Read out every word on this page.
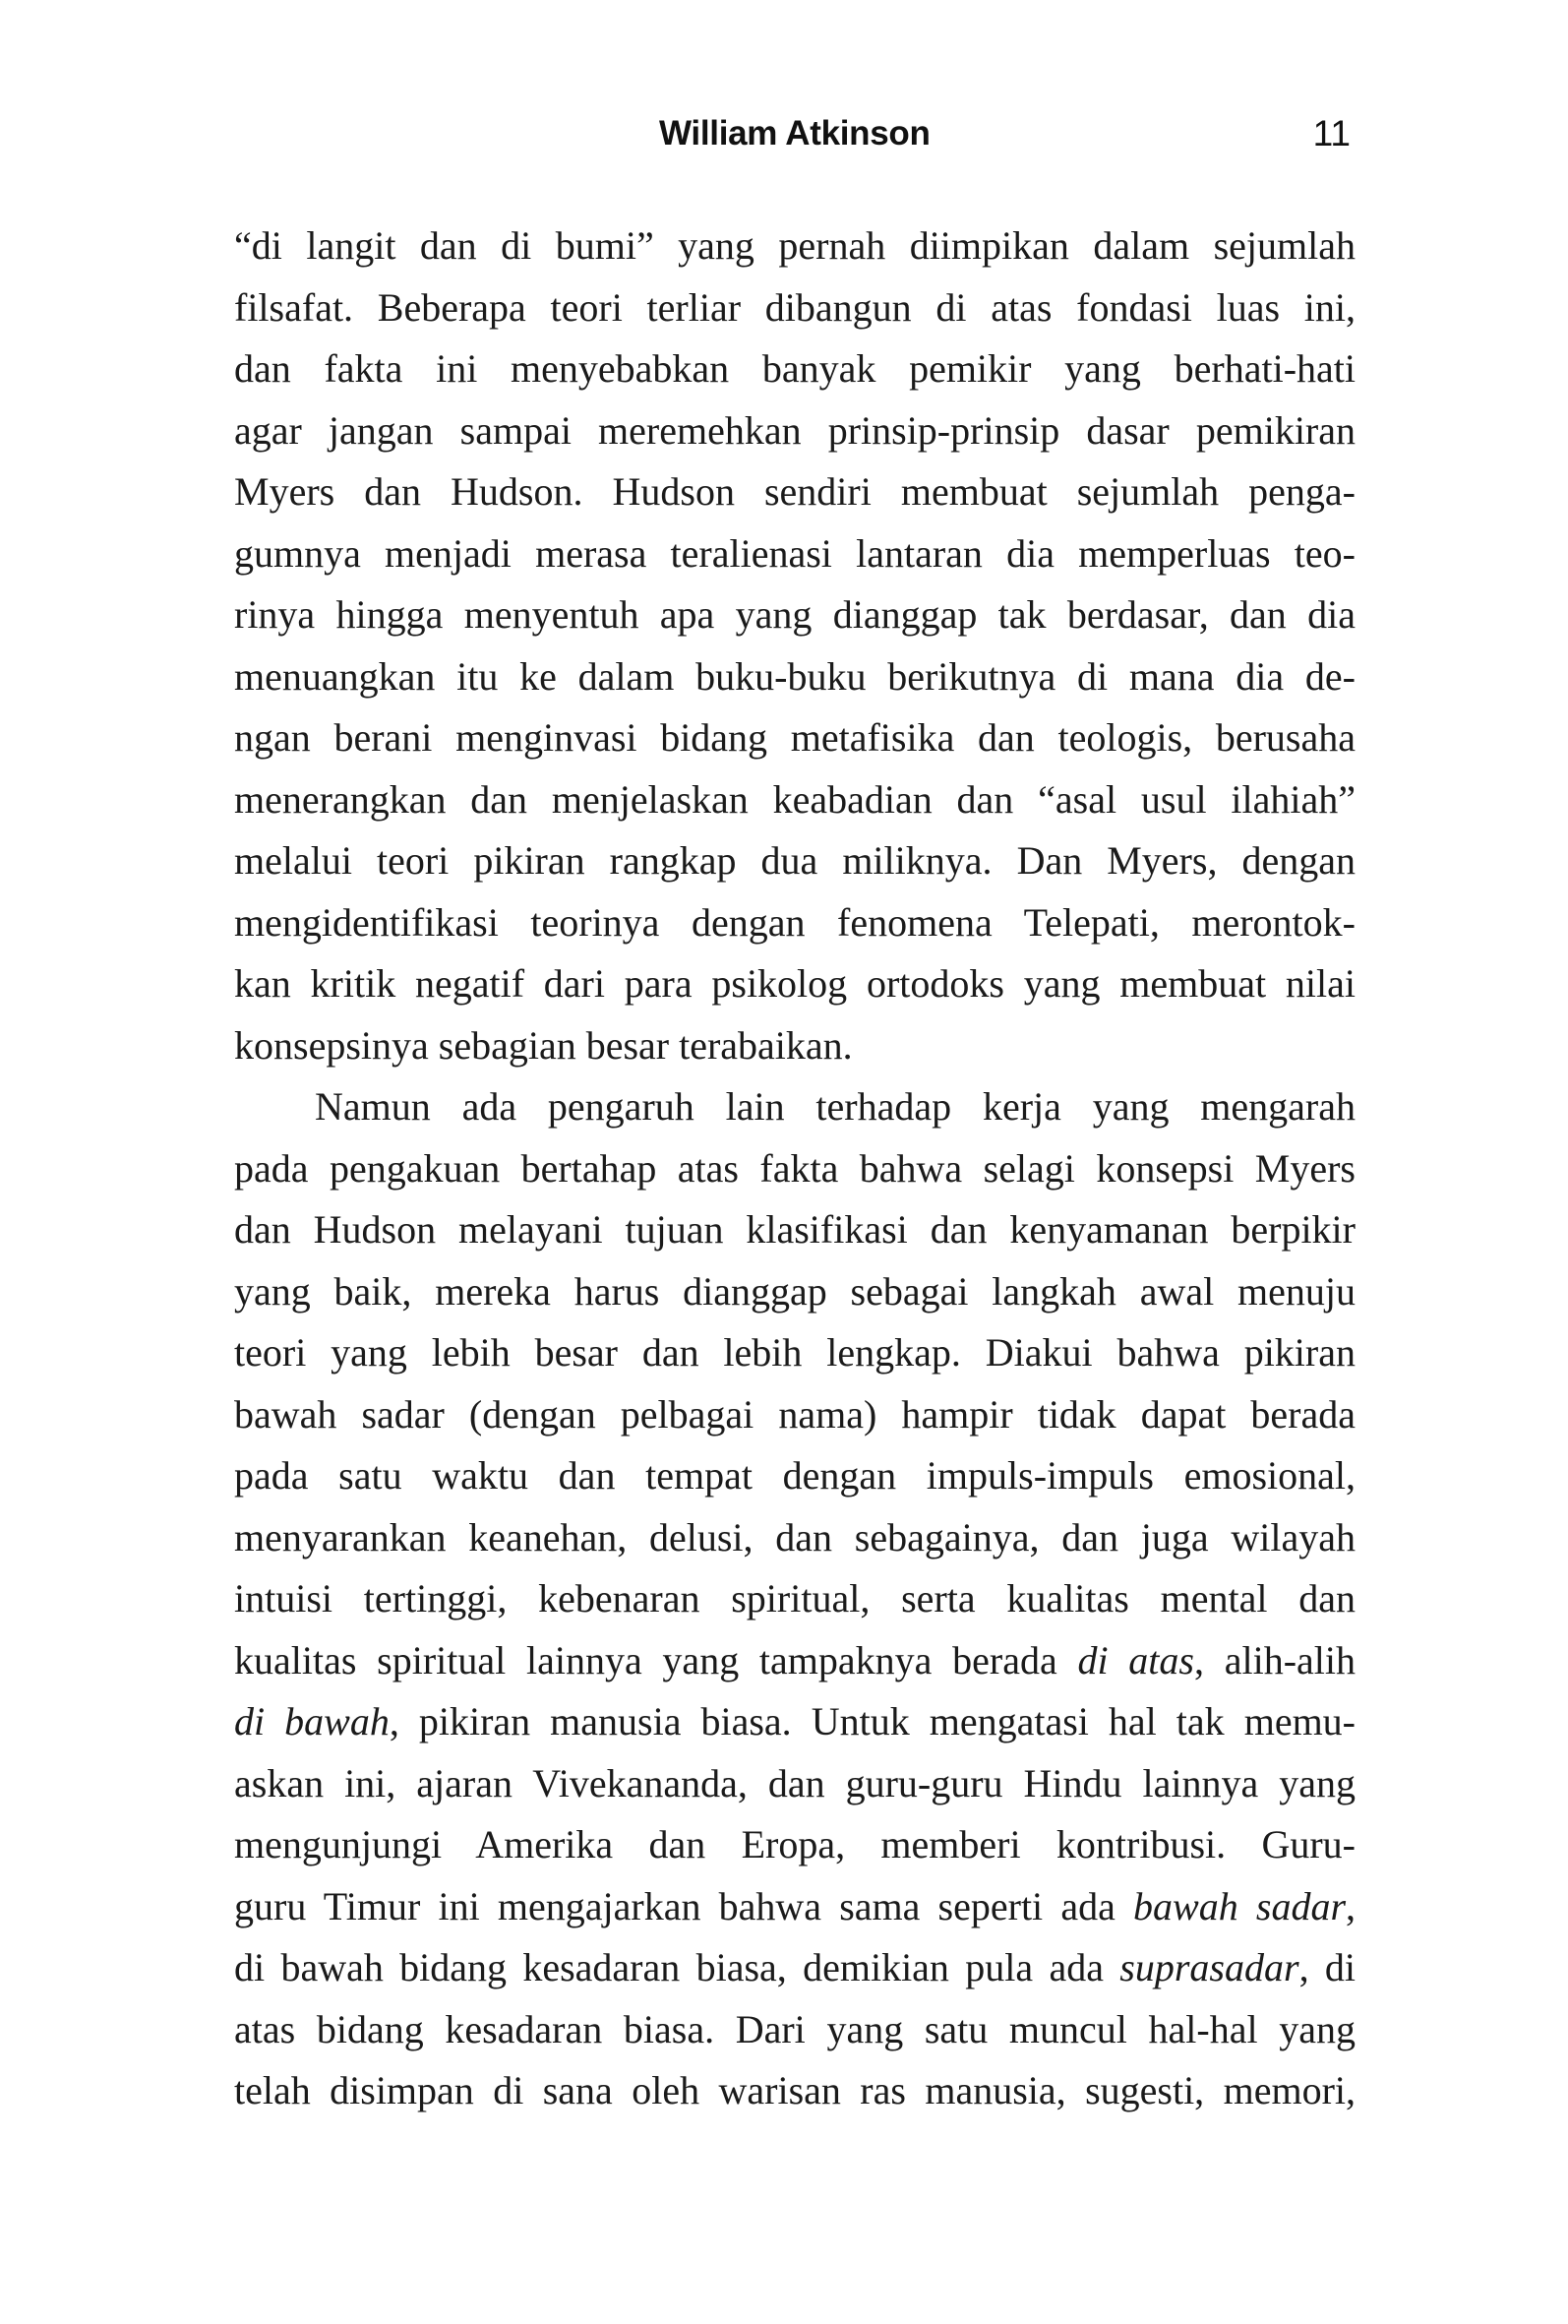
William Atkinson	11
“di langit dan di bumi” yang pernah diimpikan dalam sejumlah
filsafat. Beberapa teori terliar dibangun di atas fondasi luas ini,
dan fakta ini menyebabkan banyak pemikir yang berhati-hati
agar jangan sampai meremehkan prinsip-prinsip dasar pemikiran
Myers dan Hudson. Hudson sendiri membuat sejumlah penga-
gumnya menjadi merasa teralienasi lantaran dia memperluas teo-
rinya hingga menyentuh apa yang dianggap tak berdasar, dan dia
menuangkan itu ke dalam buku-buku berikutnya di mana dia de-
ngan berani menginvasi bidang metafisika dan teologis, berusaha
menerangkan dan menjelaskan keabadian dan “asal usul ilahiah”
melalui teori pikiran rangkap dua miliknya. Dan Myers, dengan
mengidentifikasi teorinya dengan fenomena Telepati, merontok-
kan kritik negatif dari para psikolog ortodoks yang membuat nilai
konsepsinya sebagian besar terabaikan.
Namun ada pengaruh lain terhadap kerja yang mengarah
pada pengakuan bertahap atas fakta bahwa selagi konsepsi Myers
dan Hudson melayani tujuan klasifikasi dan kenyamanan berpikir
yang baik, mereka harus dianggap sebagai langkah awal menuju
teori yang lebih besar dan lebih lengkap. Diakui bahwa pikiran
bawah sadar (dengan pelbagai nama) hampir tidak dapat berada
pada satu waktu dan tempat dengan impuls-impuls emosional,
menyarankan keanehan, delusi, dan sebagainya, dan juga wilayah
intuisi tertinggi, kebenaran spiritual, serta kualitas mental dan
kualitas spiritual lainnya yang tampaknya berada di atas, alih-alih
di bawah, pikiran manusia biasa. Untuk mengatasi hal tak memu-
askan ini, ajaran Vivekananda, dan guru-guru Hindu lainnya yang
mengunjungi Amerika dan Eropa, memberi kontribusi. Guru-
guru Timur ini mengajarkan bahwa sama seperti ada bawah sadar,
di bawah bidang kesadaran biasa, demikian pula ada suprasadar, di
atas bidang kesadaran biasa. Dari yang satu muncul hal-hal yang
telah disimpan di sana oleh warisan ras manusia, sugesti, memori,
